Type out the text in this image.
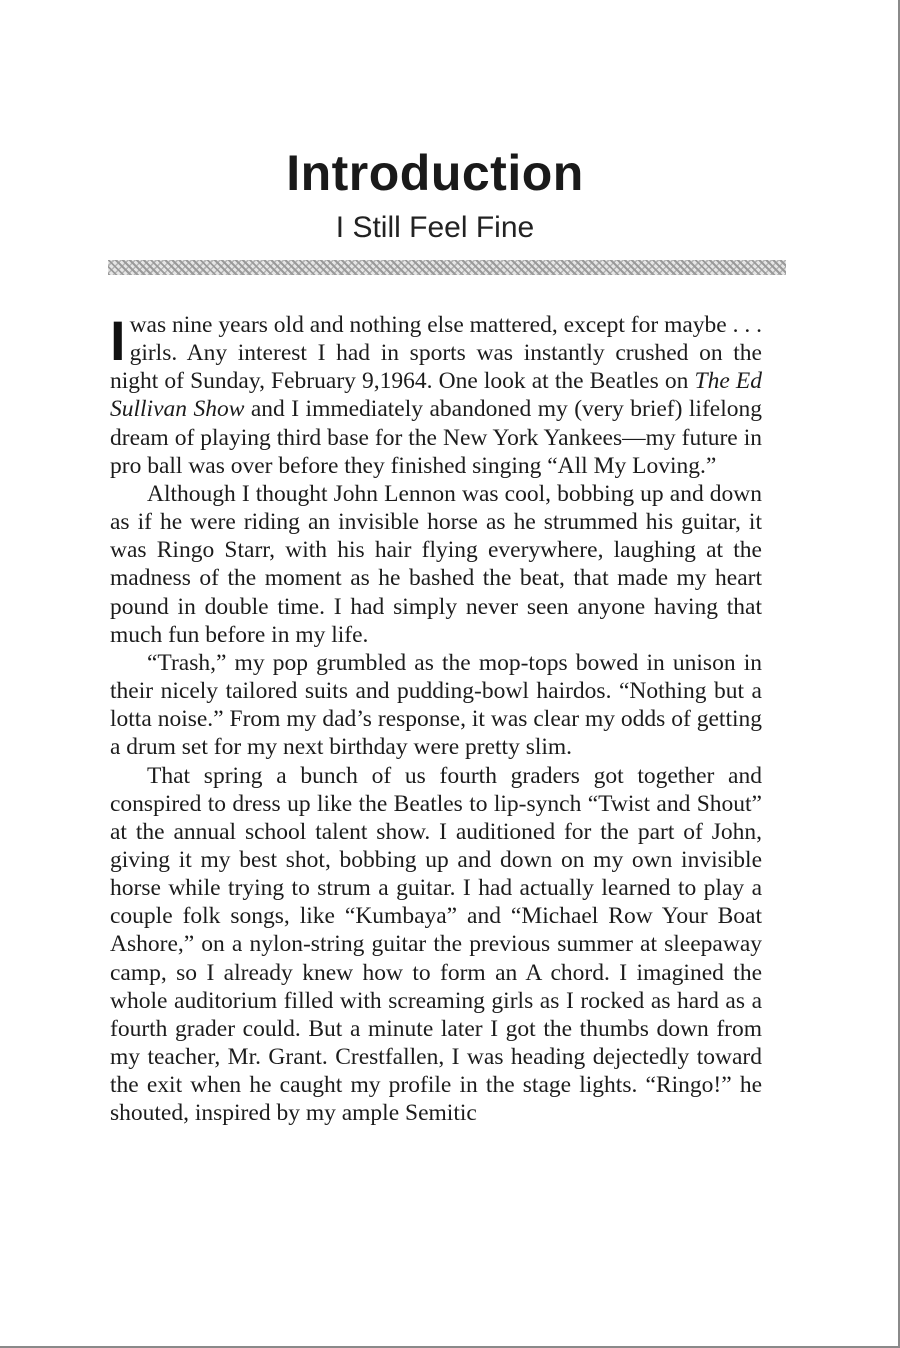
Introduction
I Still Feel Fine

Iwas nine years old and nothing else mattered, except for maybe . . . girls. Any interest I had in sports was instantly crushed on the night of Sunday, February 9,1964. One look at the Beatles on The Ed Sullivan Show and I immediately abandoned my (very brief) lifelong dream of playing third base for the New York Yankees—my future in pro ball was over before they finished singing “All My Loving.”

Although I thought John Lennon was cool, bobbing up and down as if he were riding an invisible horse as he strummed his guitar, it was Ringo Starr, with his hair flying everywhere, laughing at the madness of the moment as he bashed the beat, that made my heart pound in double time. I had simply never seen anyone having that much fun before in my life.

“Trash,” my pop grumbled as the mop-tops bowed in unison in their nicely tailored suits and pudding-bowl hairdos. “Nothing but a lotta noise.” From my dad’s response, it was clear my odds of getting a drum set for my next birthday were pretty slim.

That spring a bunch of us fourth graders got together and conspired to dress up like the Beatles to lip-synch “Twist and Shout” at the annual school talent show. I auditioned for the part of John, giving it my best shot, bobbing up and down on my own invisible horse while trying to strum a guitar. I had actually learned to play a couple folk songs, like “Kumbaya” and “Michael Row Your Boat Ashore,” on a nylon-string guitar the previous summer at sleepaway camp, so I already knew how to form an A chord. I imagined the whole auditorium filled with screaming girls as I rocked as hard as a fourth grader could. But a minute later I got the thumbs down from my teacher, Mr. Grant. Crestfallen, I was heading dejectedly toward the exit when he caught my profile in the stage lights. “Ringo!” he shouted, inspired by my ample Semitic
